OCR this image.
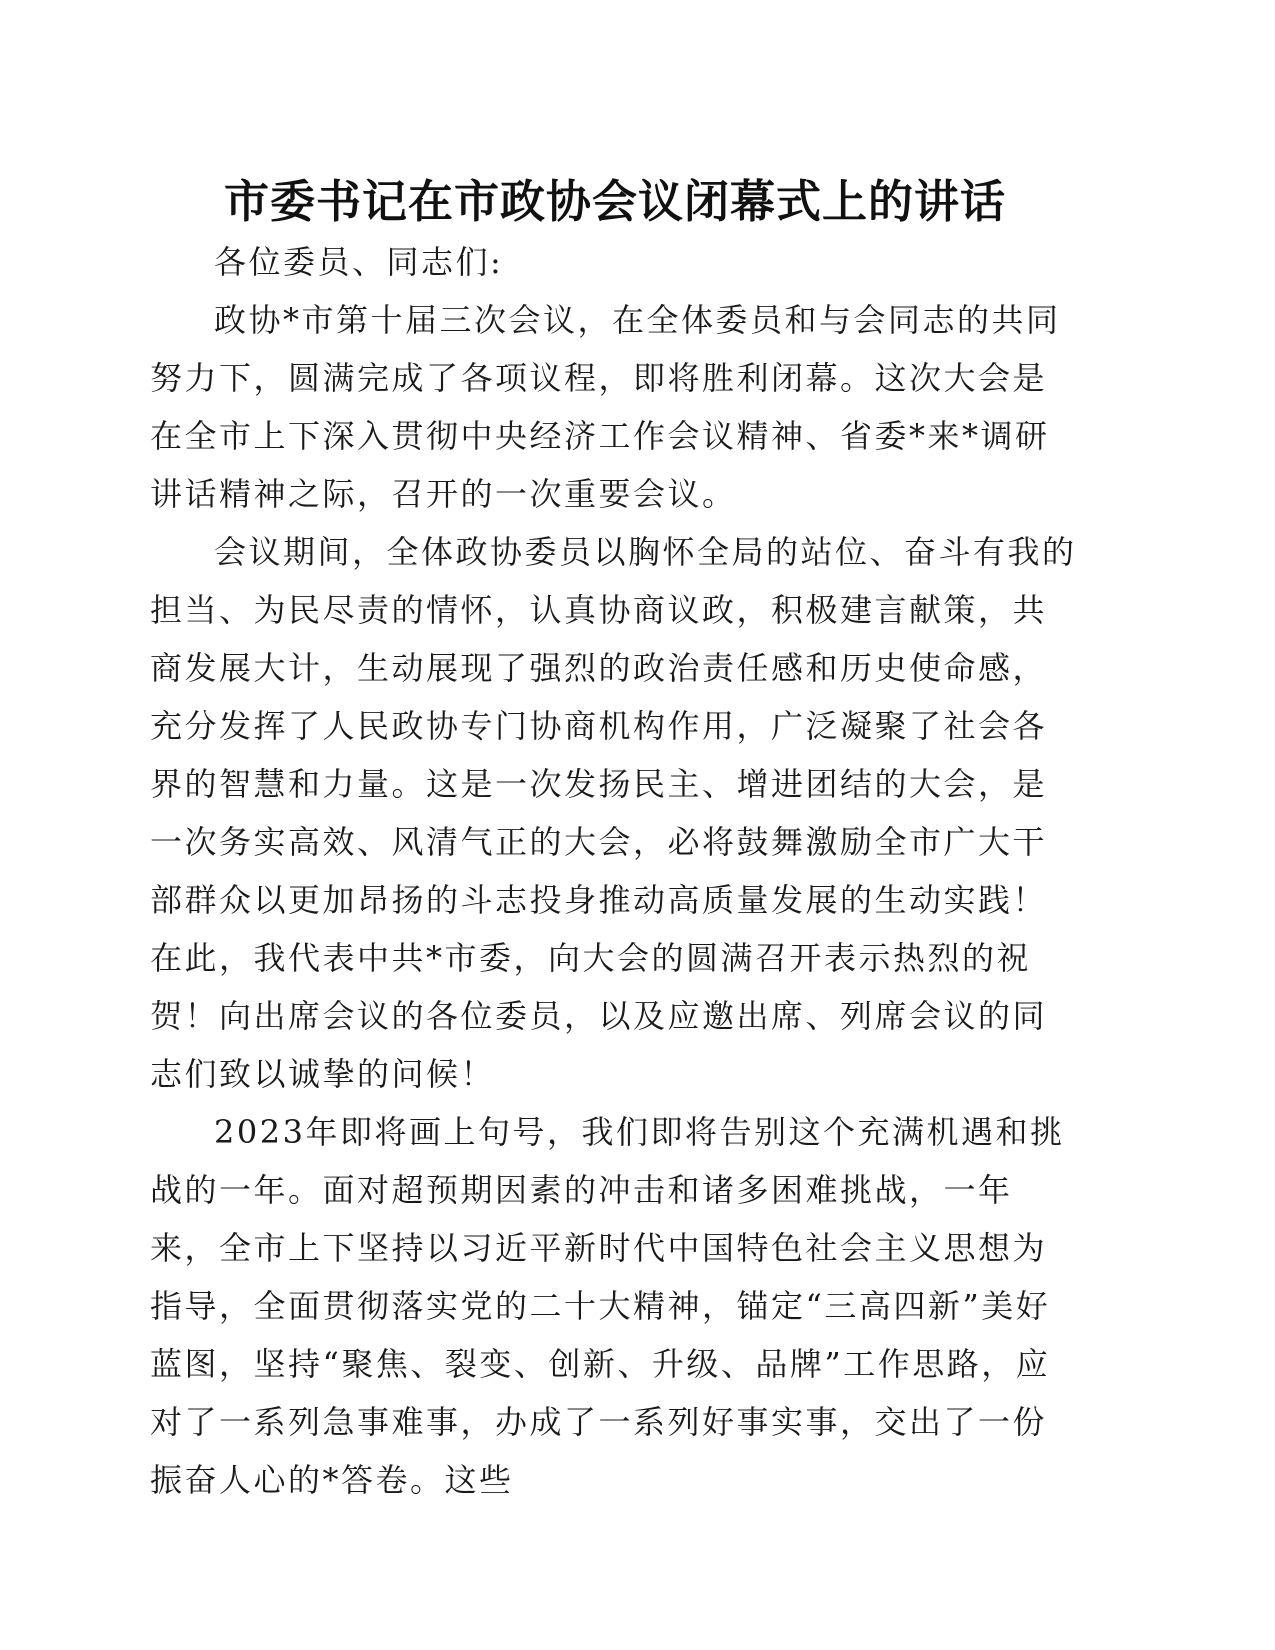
市委书记在市政协会议闭幕式上的讲话

各位委员、同志们:

政协*市第十届三次会议，在全体委员和与会同志的共同努力下，圆满完成了各项议程，即将胜利闭幕。这次大会是在全市上下深入贯彻中央经济工作会议精神、省委*来*调研讲话精神之际，召开的一次重要会议。

会议期间，全体政协委员以胸怀全局的站位、奋斗有我的担当、为民尽责的情怀，认真协商议政，积极建言献策，共商发展大计，生动展现了强烈的政治责任感和历史使命感，充分发挥了人民政协专门协商机构作用，广泛凝聚了社会各界的智慧和力量。这是一次发扬民主、增进团结的大会，是一次务实高效、风清气正的大会，必将鼓舞激励全市广大干部群众以更加昂扬的斗志投身推动高质量发展的生动实践！在此，我代表中共*市委，向大会的圆满召开表示热烈的祝贺！向出席会议的各位委员，以及应邀出席、列席会议的同志们致以诚挚的问候！

2023年即将画上句号，我们即将告别这个充满机遇和挑战的一年。面对超预期因素的冲击和诸多困难挑战，一年来，全市上下坚持以习近平新时代中国特色社会主义思想为指导，全面贯彻落实党的二十大精神，锚定“三高四新”美好蓝图，坚持“聚焦、裂变、创新、升级、品牌”工作思路，应对了一系列急事难事，办成了一系列好事实事，交出了一份振奋人心的*答卷。这些
